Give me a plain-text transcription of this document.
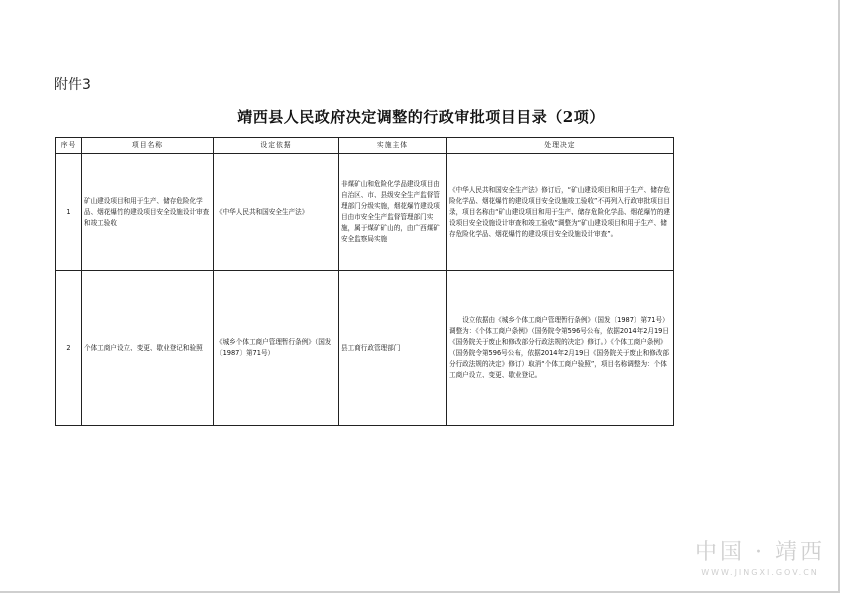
附件3
靖西县人民政府决定调整的行政审批项目目录（2项）
序号	项目名称	设定依据	实施主体	处理决定
1	矿山建设项目和用于生产、储存危险化学品、烟花爆竹的建设项目安全设施设计审查和竣工验收	《中华人民共和国安全生产法》	非煤矿山和危险化学品建设项目由自治区、市、县级安全生产监督管理部门分级实施，烟花爆竹建设项目由市安全生产监督管理部门实施，属于煤矿矿山的，由广西煤矿安全监察局实施	《中华人民共和国安全生产法》修订后，“矿山建设项目和用于生产、储存危险化学品、烟花爆竹的建设项目安全设施竣工验收”不再列入行政审批项目目录，项目名称由“矿山建设项目和用于生产、储存危险化学品、烟花爆竹的建设项目安全设施设计审查和竣工验收”调整为“矿山建设项目和用于生产、储存危险化学品、烟花爆竹的建设项目安全设施设计审查”。
2	个体工商户设立、变更、歇业登记和验照	《城乡个体工商户管理暂行条例》（国发〔1987〕第71号）	县工商行政管理部门	设立依据由《城乡个体工商户管理暂行条例》（国发〔1987〕第71号）调整为：《个体工商户条例》（国务院令第596号公布，依据2014年2月19日《国务院关于废止和修改部分行政法规的决定》修订。）《个体工商户条例》（国务院令第596号公布，依据2014年2月19日《国务院关于废止和修改部分行政法规的决定》修订）取消“个体工商户验照”，项目名称调整为：个体工商户设立、变更、歇业登记。
中国 · 靖西
WWW.JINGXI.GOV.CN
